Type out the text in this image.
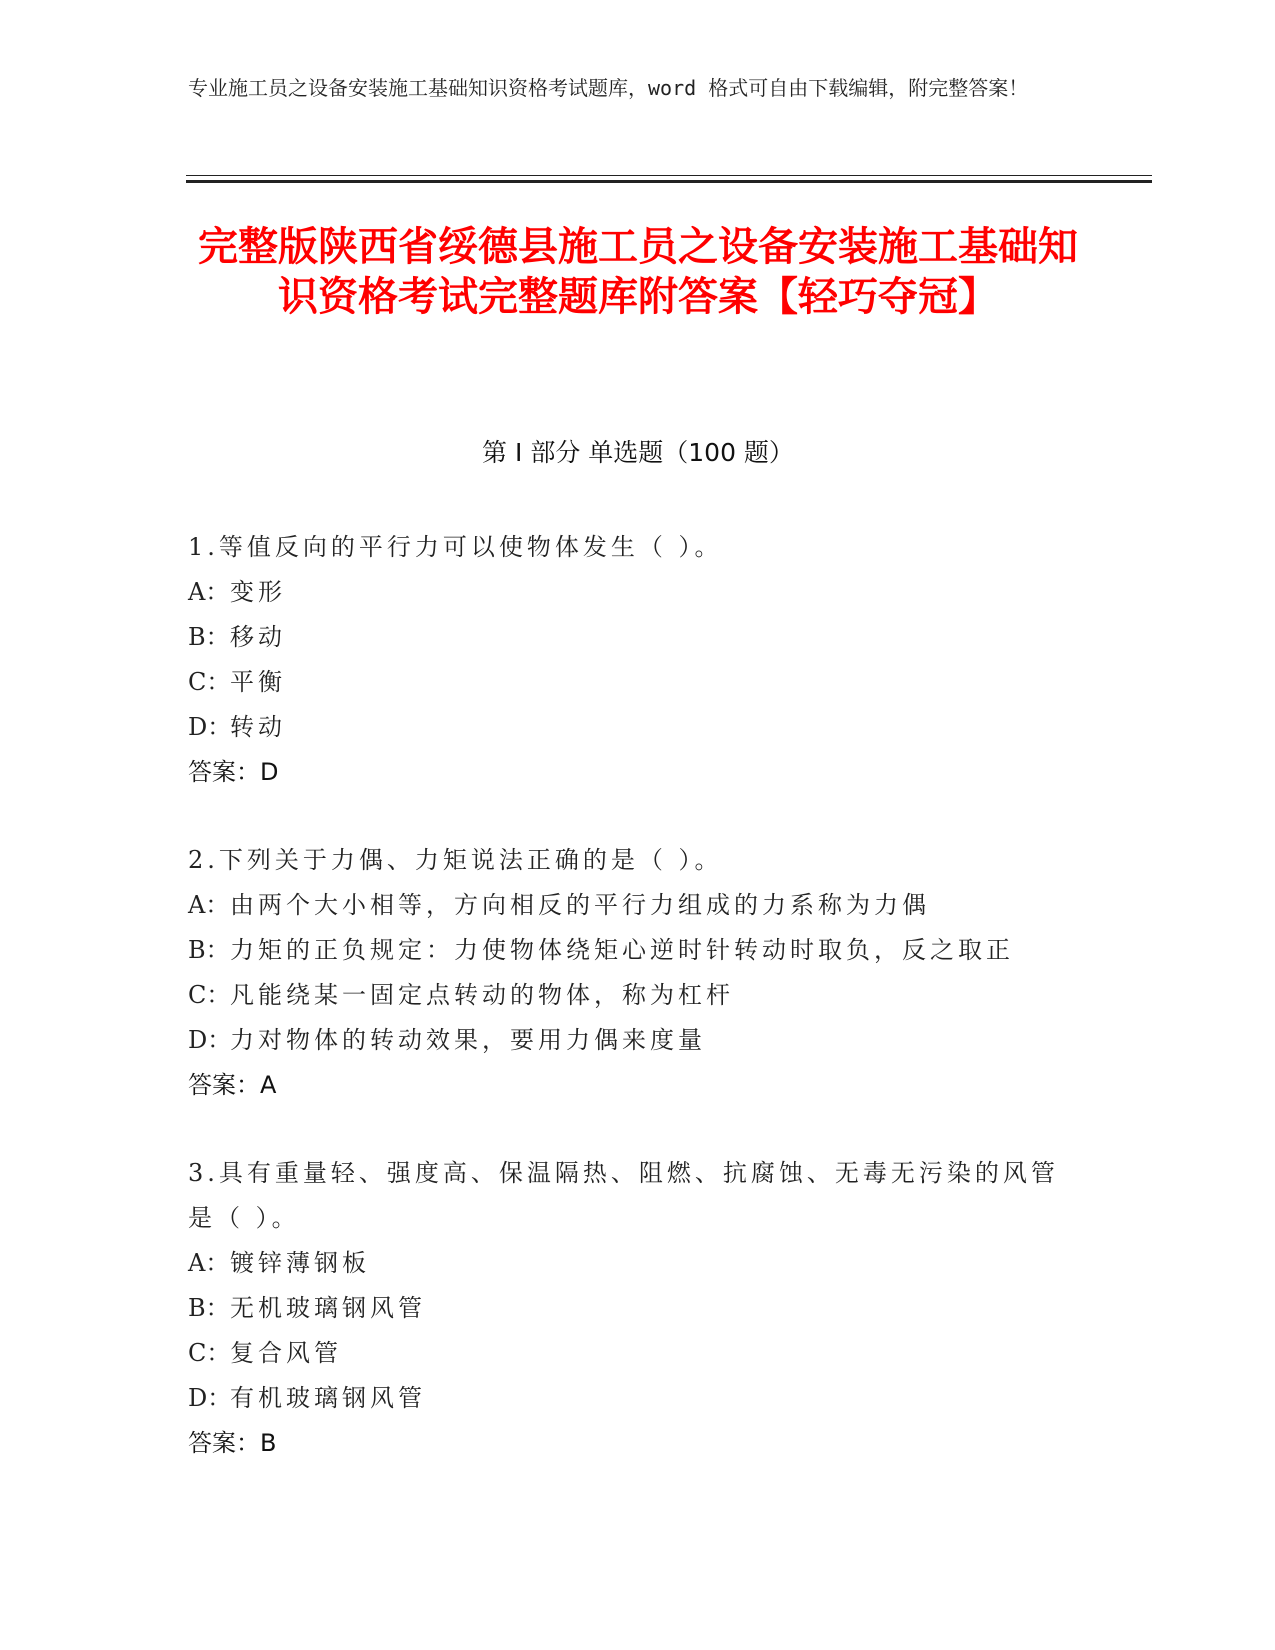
专业施工员之设备安装施工基础知识资格考试题库，word 格式可自由下载编辑，附完整答案！
完整版陕西省绥德县施工员之设备安装施工基础知识资格考试完整题库附答案【轻巧夺冠】
第 I 部分 单选题（100 题）

1.等值反向的平行力可以使物体发生（ ）。

A：变形

B：移动

C：平衡

D：转动

答案：D

2.下列关于力偶、力矩说法正确的是（ ）。

A：由两个大小相等，方向相反的平行力组成的力系称为力偶

B：力矩的正负规定：力使物体绕矩心逆时针转动时取负，反之取正

C：凡能绕某一固定点转动的物体，称为杠杆

D：力对物体的转动效果，要用力偶来度量

答案：A

3.具有重量轻、强度高、保温隔热、阻燃、抗腐蚀、无毒无污染的风管是（ ）。

A：镀锌薄钢板

B：无机玻璃钢风管

C：复合风管

D：有机玻璃钢风管

答案：B
